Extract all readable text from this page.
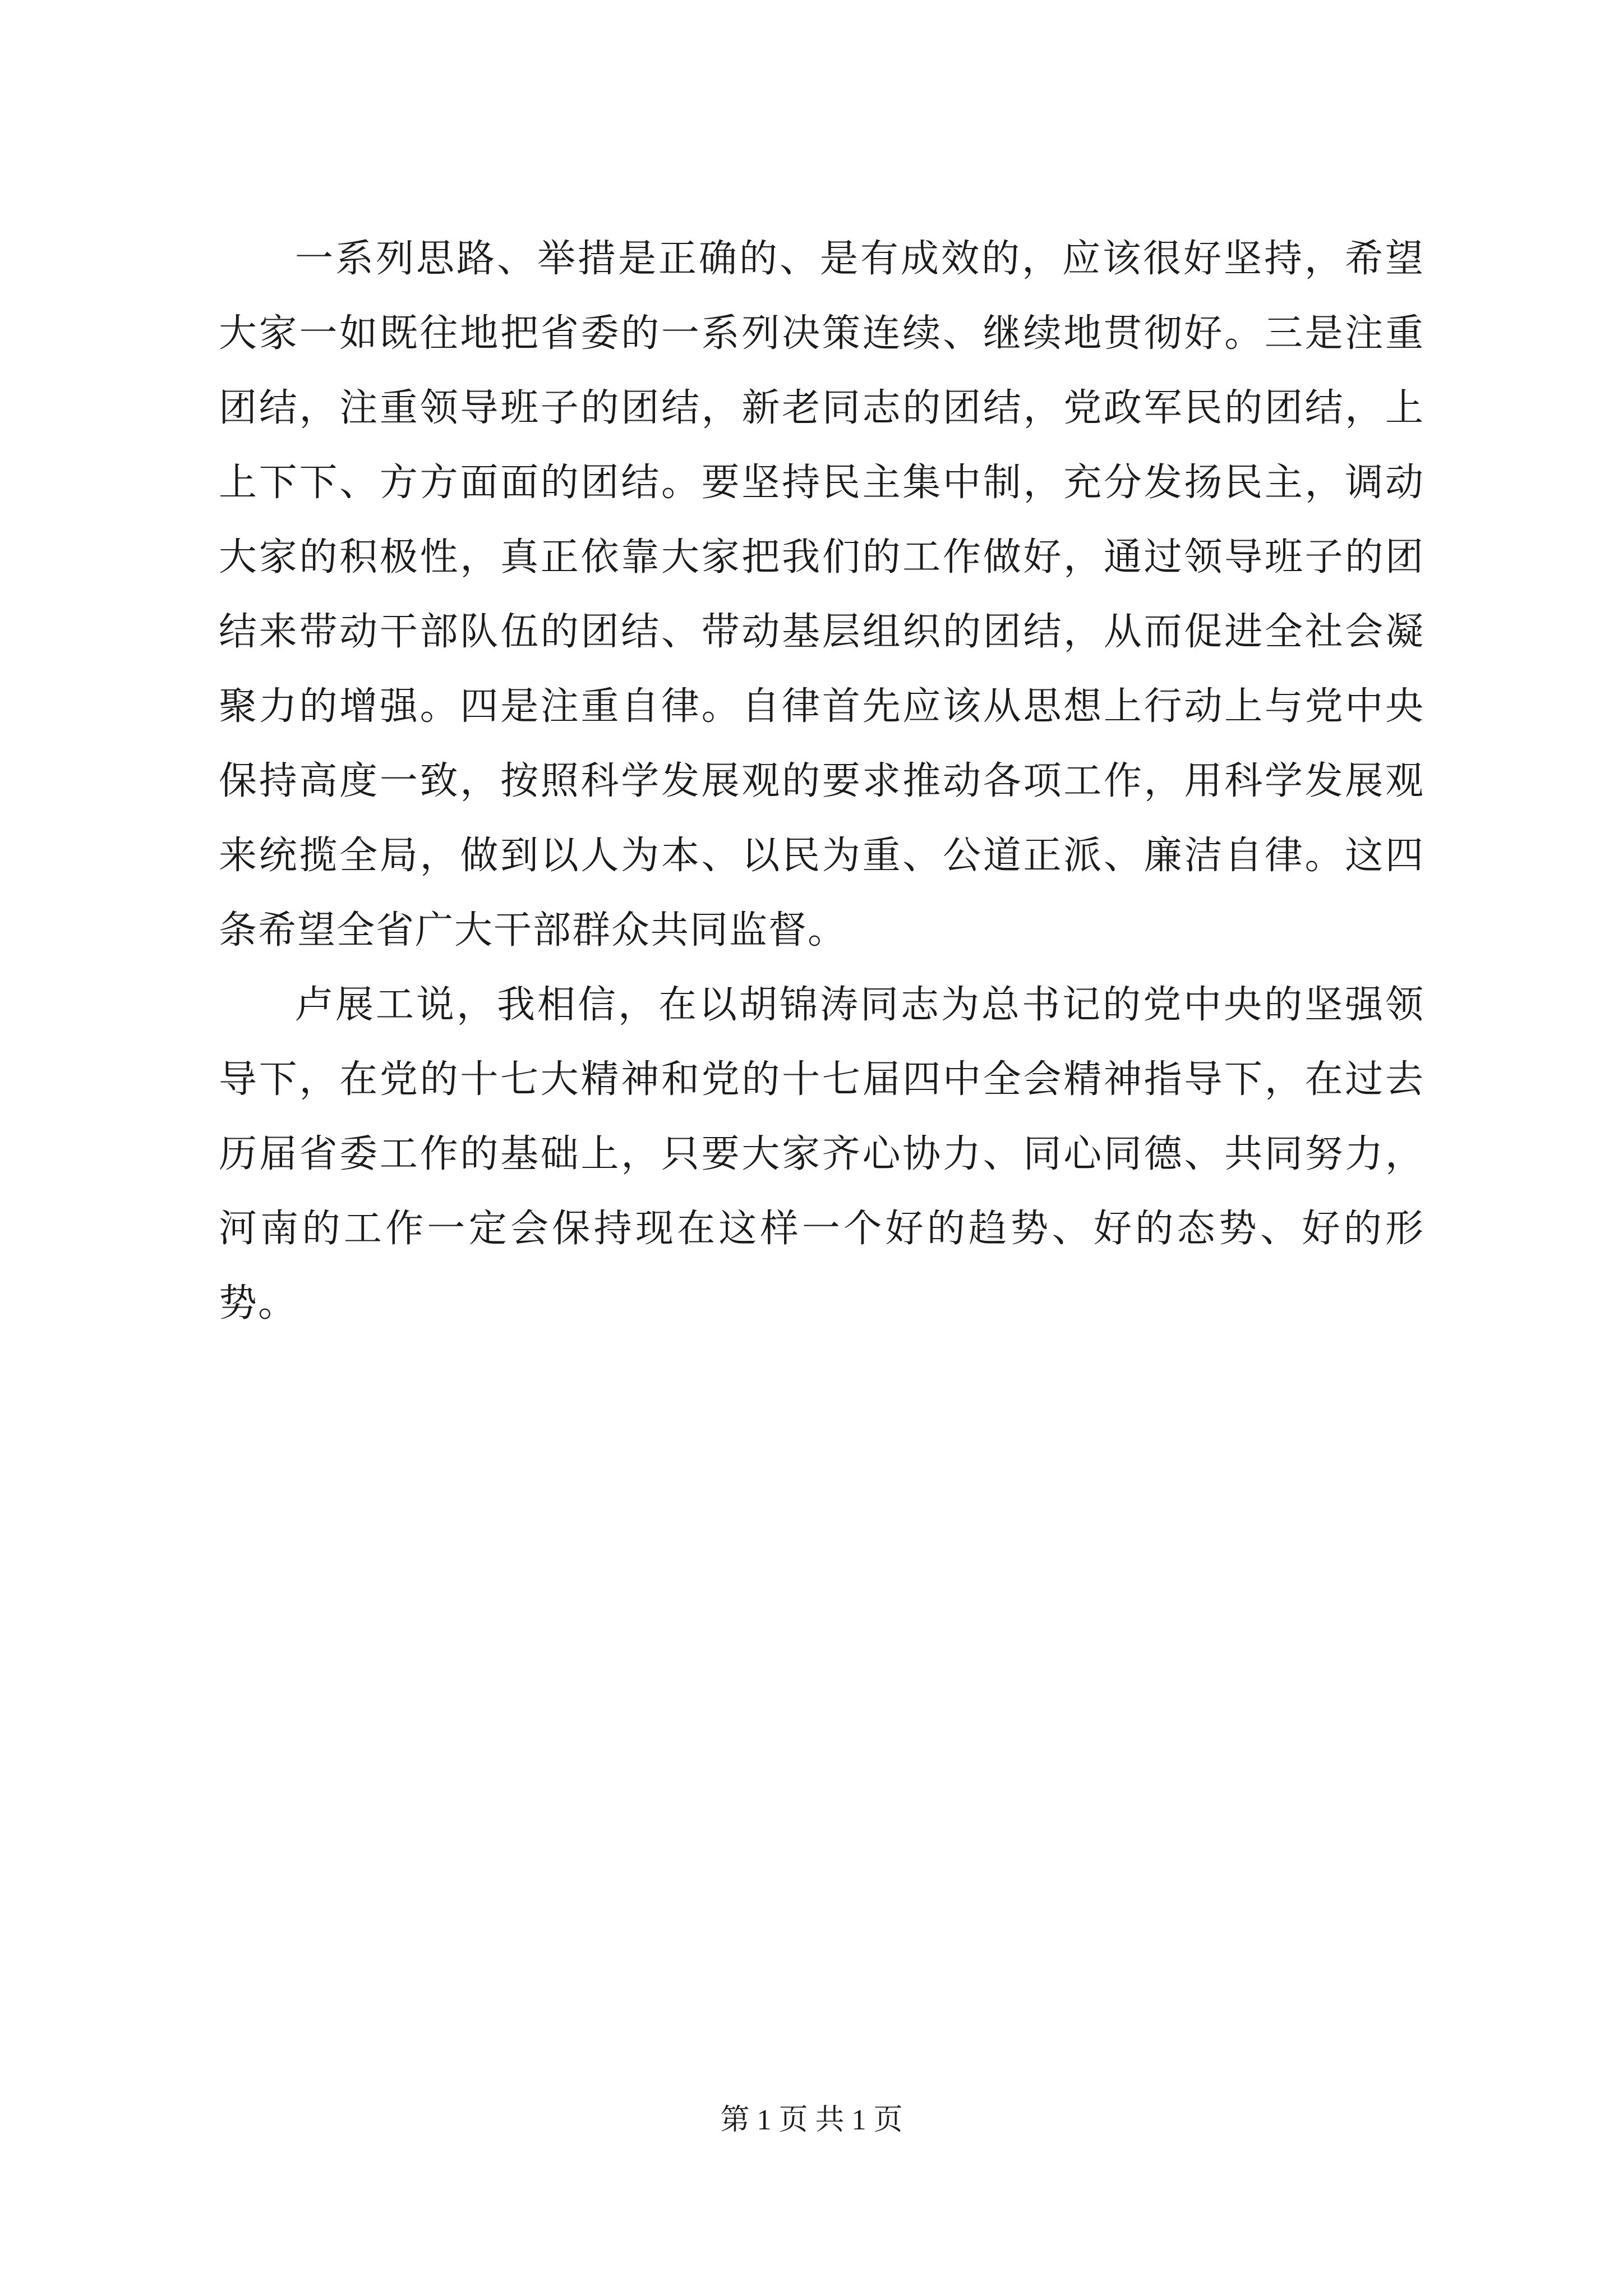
一系列思路、举措是正确的、是有成效的，应该很好坚持，希望大家一如既往地把省委的一系列决策连续、继续地贯彻好。三是注重团结，注重领导班子的团结，新老同志的团结，党政军民的团结，上上下下、方方面面的团结。要坚持民主集中制，充分发扬民主，调动大家的积极性，真正依靠大家把我们的工作做好，通过领导班子的团结来带动干部队伍的团结、带动基层组织的团结，从而促进全社会凝聚力的增强。四是注重自律。自律首先应该从思想上行动上与党中央保持高度一致，按照科学发展观的要求推动各项工作，用科学发展观来统揽全局，做到以人为本、以民为重、公道正派、廉洁自律。这四条希望全省广大干部群众共同监督。

卢展工说，我相信，在以胡锦涛同志为总书记的党中央的坚强领导下，在党的十七大精神和党的十七届四中全会精神指导下，在过去历届省委工作的基础上，只要大家齐心协力、同心同德、共同努力，河南的工作一定会保持现在这样一个好的趋势、好的态势、好的形势。

第 1 页 共 1 页
